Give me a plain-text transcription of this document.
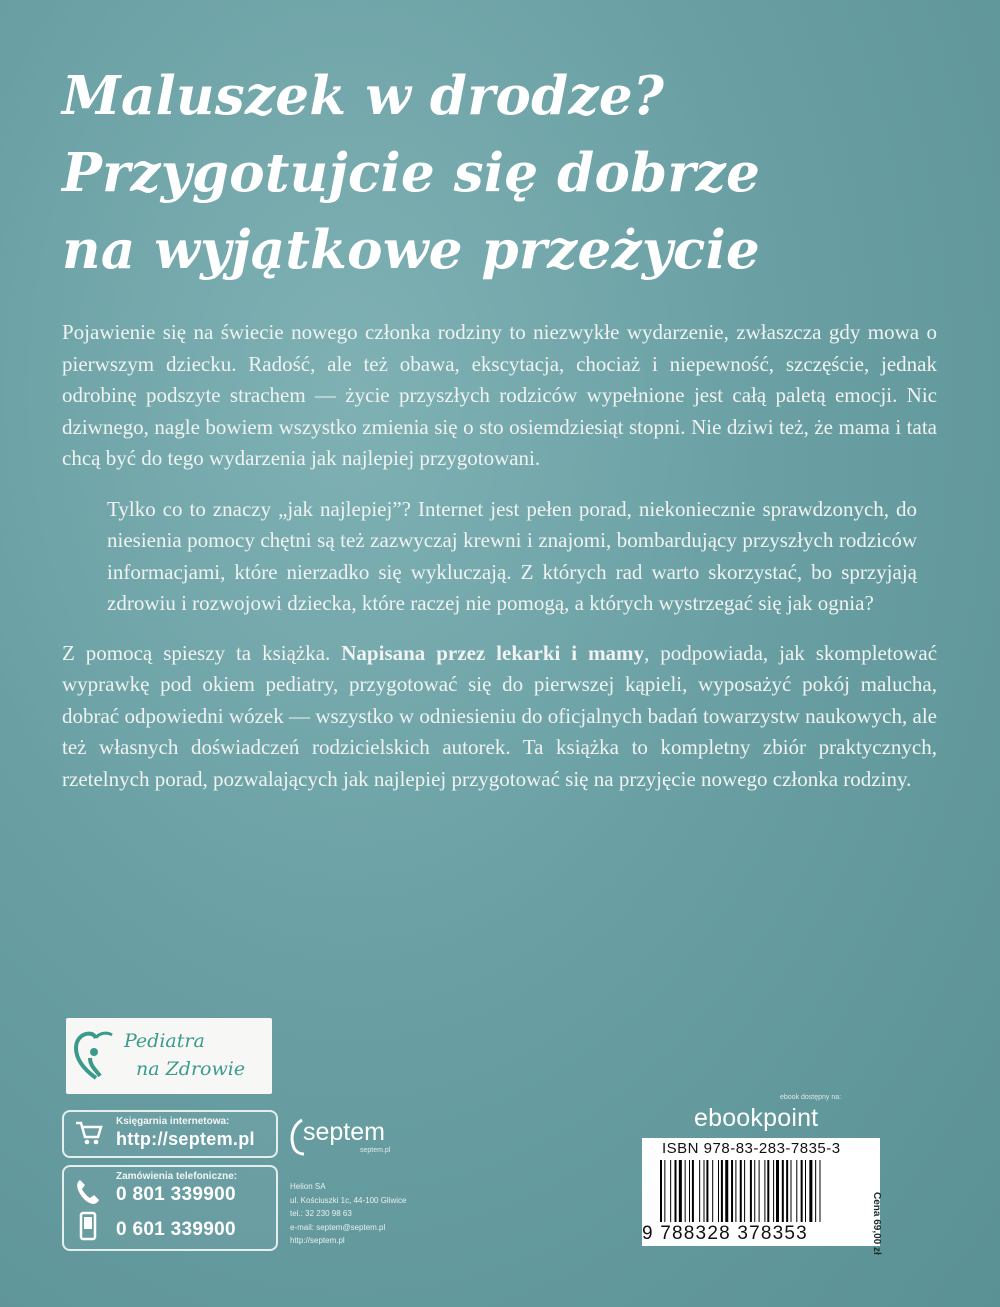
Maluszek w drodze?
Przygotujcie się dobrze
na wyjątkowe przeżycie

Pojawienie się na świecie nowego członka rodziny to niezwykłe wydarzenie, zwłaszcza gdy mowa o pierwszym dziecku. Radość, ale też obawa, ekscytacja, chociaż i niepewność, szczęście, jednak odrobinę podszyte strachem — życie przyszłych rodziców wypełnione jest całą paletą emocji. Nic dziwnego, nagle bowiem wszystko zmienia się o sto osiemdziesiąt stopni. Nie dziwi też, że mama i tata chcą być do tego wydarzenia jak najlepiej przygotowani.

Tylko co to znaczy „jak najlepiej”? Internet jest pełen porad, niekoniecznie sprawdzonych, do niesienia pomocy chętni są też zazwyczaj krewni i znajomi, bombardujący przyszłych rodziców informacjami, które nierzadko się wykluczają. Z których rad warto skorzystać, bo sprzyjają zdrowiu i rozwojowi dziecka, które raczej nie pomogą, a których wystrzegać się jak ognia?

Z pomocą spieszy ta książka. Napisana przez lekarki i mamy, podpowiada, jak skompletować wyprawkę pod okiem pediatry, przygotować się do pierwszej kąpieli, wyposażyć pokój malucha, dobrać odpowiedni wózek — wszystko w odniesieniu do oficjalnych badań towarzystw naukowych, ale też własnych doświadczeń rodzicielskich autorek. Ta książka to kompletny zbiór praktycznych, rzetelnych porad, pozwalających jak najlepiej przygotować się na przyjęcie nowego członka rodziny.

Pediatra
na Zdrowie
Księgarnia internetowa:
http://septem.pl
Zamówienia telefoniczne:
0 801 339900
0 601 339900
septem
septem.pl
Helion SA
ul. Kościuszki 1c, 44-100 Gliwice
tel.: 32 230 98 63
e-mail: septem@septem.pl
http://septem.pl
ebook dostępny na:
ebookpoint
ISBN 978-83-283-7835-3
9 788328 378353	Cena 69,00 zł
